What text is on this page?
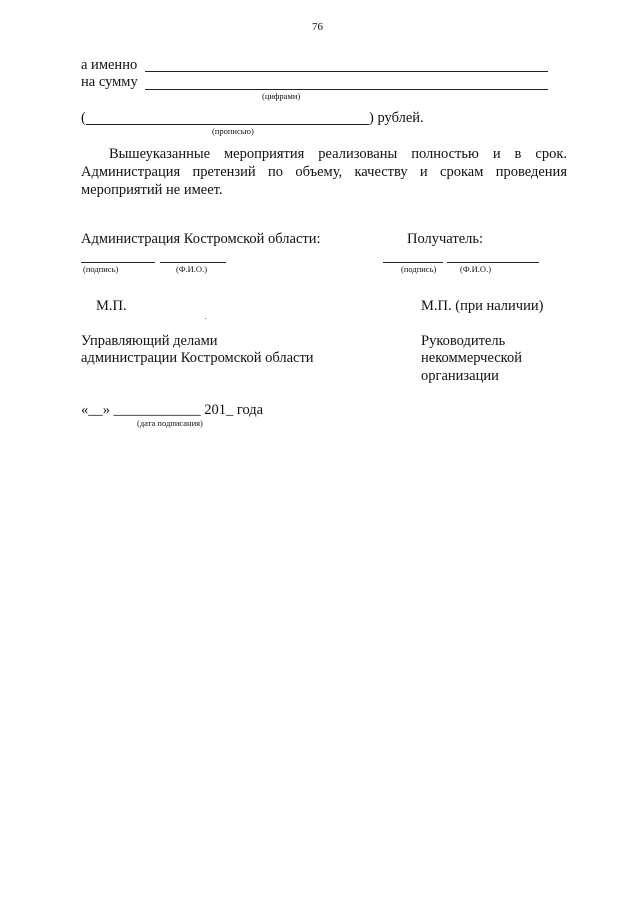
76
а именно
на сумму
(цифрами)
(	) рублей.
(прописью)
Вышеуказанные мероприятия реализованы полностью и в срок.
Администрация претензий по объему, качеству и срокам проведения
мероприятий не имеет.
Администрация Костромской области:
(подпись)	(Ф.И.О.)
Получатель:
(подпись)	(Ф.И.О.)
М.П.	М.П. (при наличии)
Управляющий делами
администрации Костромской области
Руководитель
некоммерческой
организации
«__» ____________ 201_ года
(дата подписания)
